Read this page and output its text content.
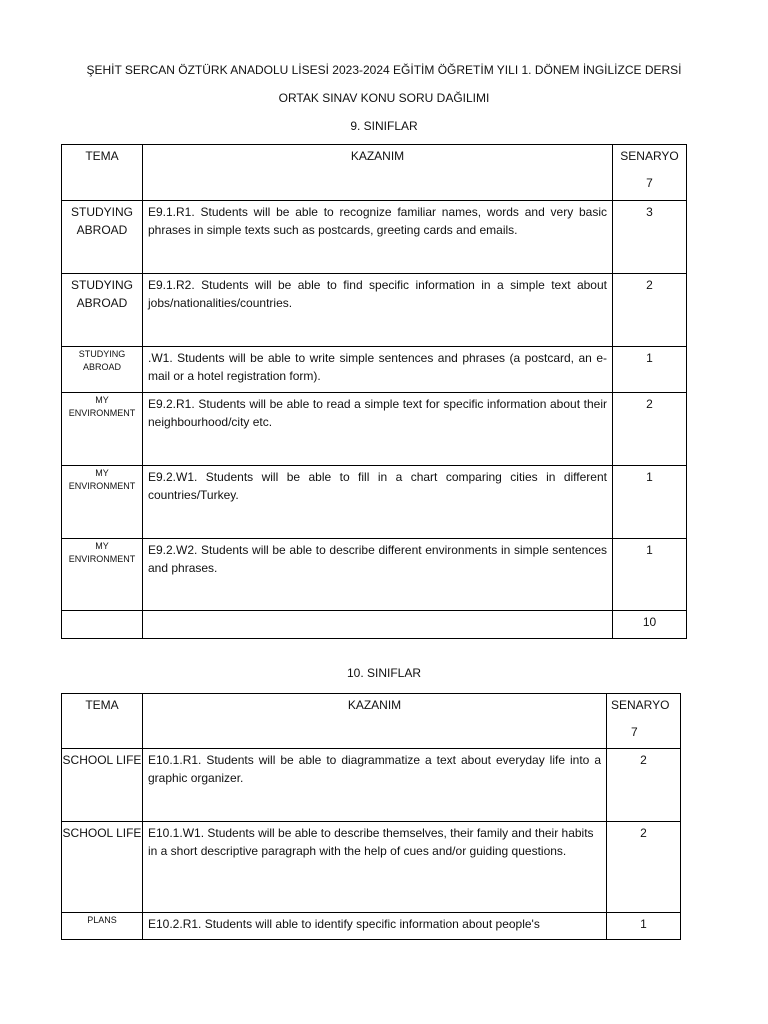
ŞEHİT SERCAN ÖZTÜRK ANADOLU LİSESİ 2023-2024 EĞİTİM ÖĞRETİM YILI 1. DÖNEM İNGİLİZCE DERSİ
ORTAK SINAV KONU SORU DAĞILIMI
9. SINIFLAR
TEMA	KAZANIM	SENARYO
7

STUDYING ABROAD	E9.1.R1. Students will be able to recognize familiar names, words and very basic phrases in simple texts such as postcards, greeting cards and emails.	3
STUDYING ABROAD	E9.1.R2. Students will be able to find specific information in a simple text about jobs/nationalities/countries.	2
STUDYING ABROAD	.W1. Students will be able to write simple sentences and phrases (a postcard, an e-mail or a hotel registration form).	1
MY ENVIRONMENT	E9.2.R1. Students will be able to read a simple text for specific information about their neighbourhood/city etc.	2
MY ENVIRONMENT	E9.2.W1. Students will be able to fill in a chart comparing cities in different countries/Turkey.	1
MY ENVIRONMENT	E9.2.W2. Students will be able to describe different environments in simple sentences and phrases.	1
		10
10. SINIFLAR
TEMA	KAZANIM	SENARYO
7

SCHOOL LIFE	E10.1.R1. Students will be able to diagrammatize a text about everyday life into a graphic organizer.	2
SCHOOL LIFE	E10.1.W1. Students will be able to describe themselves, their family and their habits in a short descriptive paragraph with the help of cues and/or guiding questions.	2
PLANS	E10.2.R1. Students will able to identify specific information about people's	1
